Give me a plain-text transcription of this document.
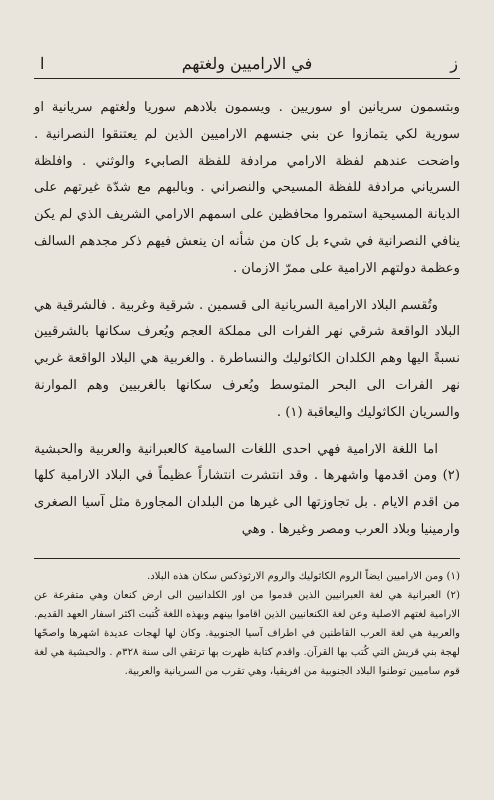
ز
في الاراميين ولغتهم
ا

وبتسمون سريانين او سوريين . ويسمون بلادهم سوريا ولغتهم سريانية او سورية لكي يتمازوا عن بني جنسهم الاراميين الذين لم يعتنقوا النصرانية . واضحت عندهم لفظة الارامي مرادفة للفظة الصابيء والوثني . وافلظة السرياني مرادفة للفظة المسيحي والنصراني . وبالبهم مع شدّة غيرتهم على الديانة المسيحية استمروا محافظين على اسمهم الارامي الشريف الذي لم يكن ينافي النصرانية في شيء بل كان من شأنه ان ينعش فيهم ذكر مجدهم السالف وعظمة دولتهم الارامية على ممرّ الازمان .

وتُقسم البلاد الارامية السريانية الى قسمين . شرقية وغربية . فالشرقية هي البلاد الواقعة شرقي نهر الفرات الى مملكة العجم ويُعرف سكانها بالشرقيين نسبةً اليها وهم الكلدان الكاثوليك والنساطرة . والغربية هي البلاد الواقعة غربي نهر الفرات الى البحر المتوسط ويُعرف سكانها بالغربيين وهم الموارنة والسريان الكاثوليك واليعاقبة (١) .

اما اللغة الارامية فهي احدى اللغات السامية كالعبرانية والعربية والحبشية (٢) ومن اقدمها واشهرها . وقد انتشرت انتشاراً عظيماً في البلاد الارامية كلها من اقدم الايام . بل تجاوزتها الى غيرها من البلدان المجاورة مثل آسيا الصغرى وارمينيا وبلاد العرب ومصر وغيرها . وهي

(١) ومن الاراميين ايضاً الروم الكاثوليك والروم الارثوذكس سكان هذه البلاد.

(٢) العبرانية هي لغة العبرانيين الذين قدموا من اور الكلدانيين الى ارض كنعان وهي متفرعة عن الارامية لغتهم الاصلية وعن لغة الكنعانيين الذين اقاموا بينهم وبهذه اللغة كُتبت اكثر اسفار العهد القديم. والعربية هي لغة العرب القاطنين في اطراف آسيا الجنوبية. وكان لها لهجات عديدة اشهرها واصحّها لهجة بني قريش التي كُتب بها القرآن. واقدم كتابة ظهرت بها ترتقي الى سنة ٣٢٨م . والحبشية هي لغة قوم ساميين توطنوا البلاد الجنوبية من افريقيا، وهي تقرب من السريانية والعربية.
